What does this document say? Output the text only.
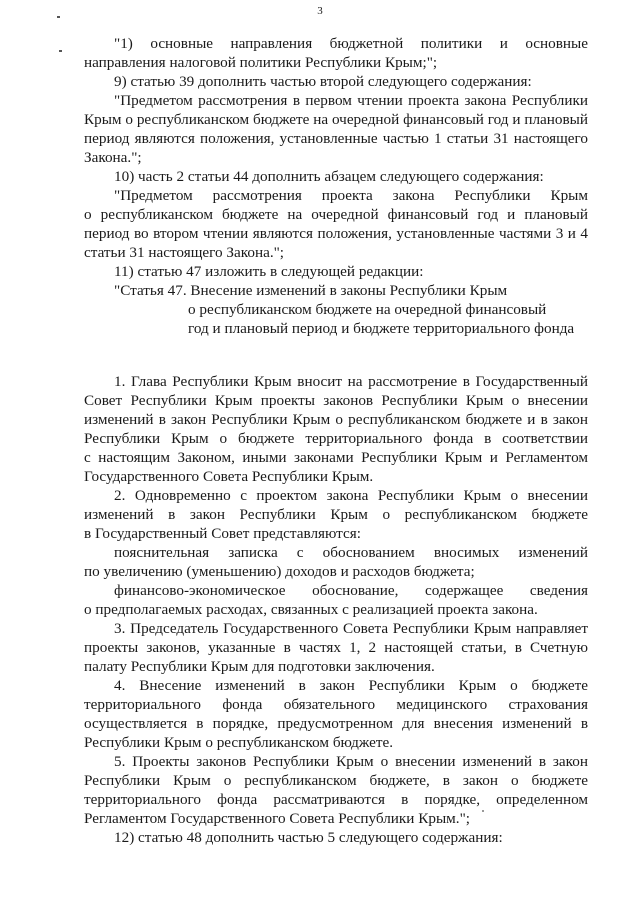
3
"1) основные направления бюджетной политики и основные
направления налоговой политики Республики Крым;";
9) статью 39 дополнить частью второй следующего содержания:
"Предметом рассмотрения в первом чтении проекта закона Республики
Крым о республиканском бюджете на очередной финансовый год и плановый
период являются положения, установленные частью 1 статьи 31 настоящего
Закона.";
10) часть 2 статьи 44 дополнить абзацем следующего содержания:
"Предметом рассмотрения проекта закона Республики Крым
о республиканском бюджете на очередной финансовый год и плановый
период во втором чтении являются положения, установленные частями 3 и 4
статьи 31 настоящего Закона.";
11) статью 47 изложить в следующей редакции:
"Статья 47. Внесение изменений в законы Республики Крым
о республиканском бюджете на очередной финансовый
год и плановый период и бюджете территориального фонда
1. Глава Республики Крым вносит на рассмотрение в Государственный
Совет Республики Крым проекты законов Республики Крым о внесении
изменений в закон Республики Крым о республиканском бюджете и в закон
Республики Крым о бюджете территориального фонда в соответствии
с настоящим Законом, иными законами Республики Крым и Регламентом
Государственного Совета Республики Крым.
2. Одновременно с проектом закона Республики Крым о внесении
изменений в закон Республики Крым о республиканском бюджете
в Государственный Совет представляются:
пояснительная записка с обоснованием вносимых изменений
по увеличению (уменьшению) доходов и расходов бюджета;
финансово-экономическое обоснование, содержащее сведения
о предполагаемых расходах, связанных с реализацией проекта закона.
3. Председатель Государственного Совета Республики Крым направляет
проекты законов, указанные в частях 1, 2 настоящей статьи, в Счетную
палату Республики Крым для подготовки заключения.
4. Внесение изменений в закон Республики Крым о бюджете
территориального фонда обязательного медицинского страхования
осуществляется в порядке, предусмотренном для внесения изменений в
Республики Крым о республиканском бюджете.
5. Проекты законов Республики Крым о внесении изменений в закон
Республики Крым о республиканском бюджете, в закон о бюджете
территориального фонда рассматриваются в порядке, определенном
Регламентом Государственного Совета Республики Крым.";
12) статью 48 дополнить частью 5 следующего содержания:
